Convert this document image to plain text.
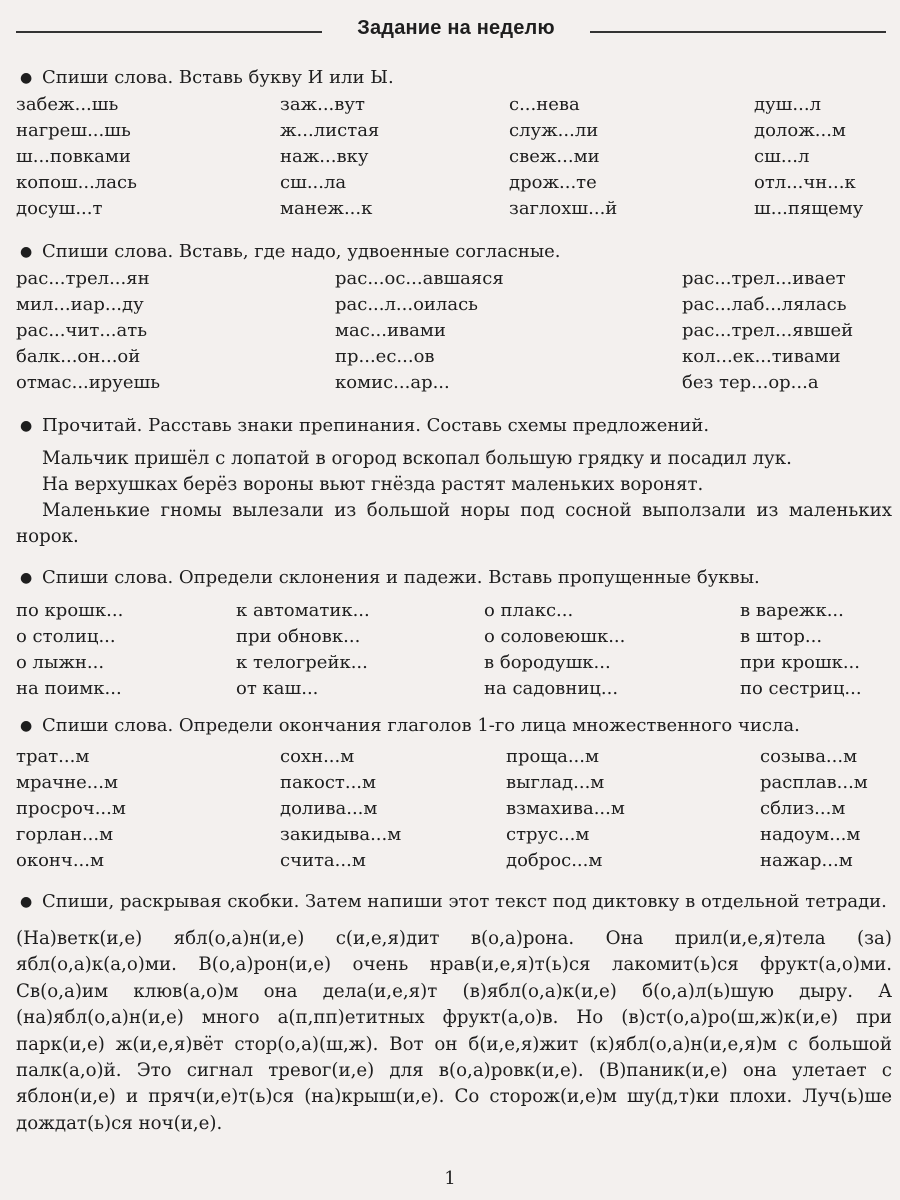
Задание на неделю
● Спиши слова. Вставь букву И или Ы.
забеж...шь	заж...вут	с...нева	душ...л
нагреш...шь	ж...листая	служ...ли	долож...м
ш...повками	наж...вку	свеж...ми	сш...л
копош...лась	сш...ла	дрож...те	отл...чн...к
досуш...т	манеж...к	заглохш...й	ш...пящему
● Спиши слова. Вставь, где надо, удвоенные согласные.
рас...трел...ян	рас...ос...авшаяся	рас...трел...ивает
мил...иар...ду	рас...л...оилась	рас...лаб...лялась
рас...чит...ать	мас...ивами	рас...трел...явшей
балк...он...ой	пр...ес...ов	кол...ек...тивами
отмас...ируешь	комис...ар...	без тер...ор...а
● Прочитай. Расставь знаки препинания. Составь схемы предложений.

Мальчик пришёл с лопатой в огород вскопал большую грядку и посадил лук.

На верхушках берёз вороны вьют гнёзда растят маленьких воронят.

Маленькие гномы вылезали из большой норы под сосной выползали из маленьких норок.

● Спиши слова. Определи склонения и падежи. Вставь пропущенные буквы.
по крошк...	к автоматик...	о плакс...	в варежк...
о столиц...	при обновк...	о соловеюшк...	в штор...
о лыжн...	к телогрейк...	в бородушк...	при крошк...
на поимк...	от каш...	на садовниц...	по сестриц...
● Спиши слова. Определи окончания глаголов 1-го лица множественного числа.
трат...м	сохн...м	проща...м	созыва...м
мрачне...м	пакост...м	выглад...м	расплав...м
просроч...м	долива...м	взмахива...м	сблиз...м
горлан...м	закидыва...м	струс...м	надоум...м
оконч...м	счита...м	доброс...м	нажар...м
● Спиши, раскрывая скобки. Затем напиши этот текст под диктовку в отдельной тетради.
(На)ветк(и,е) ябл(о,а)н(и,е) с(и,е,я)дит в(о,а)рона. Она прил(и,е,я)тела (за) ябл(о,а)к(а,о)ми. В(о,а)рон(и,е) очень нрав(и,е,я)т(ь)ся лакомит(ь)ся фрукт(а,о)ми. Св(о,а)им клюв(а,о)м она дела(и,е,я)т (в)ябл(о,а)к(и,е) б(о,а)л(ь)шую дыру. А (на)ябл(о,а)н(и,е) много а(п,пп)етитных фрукт(а,о)в. Но (в)ст(о,а)ро(ш,ж)к(и,е) при парк(и,е) ж(и,е,я)вёт стор(о,а)(ш,ж). Вот он б(и,е,я)жит (к)ябл(о,а)н(и,е,я)м с большой палк(а,о)й. Это сигнал тревог(и,е) для в(о,а)ровк(и,е). (В)паник(и,е) она улетает с яблон(и,е) и пряч(и,е)т(ь)ся (на)крыш(и,е). Со сторож(и,е)м шу(д,т)ки плохи. Луч(ь)ше дождат(ь)ся ноч(и,е).
1
